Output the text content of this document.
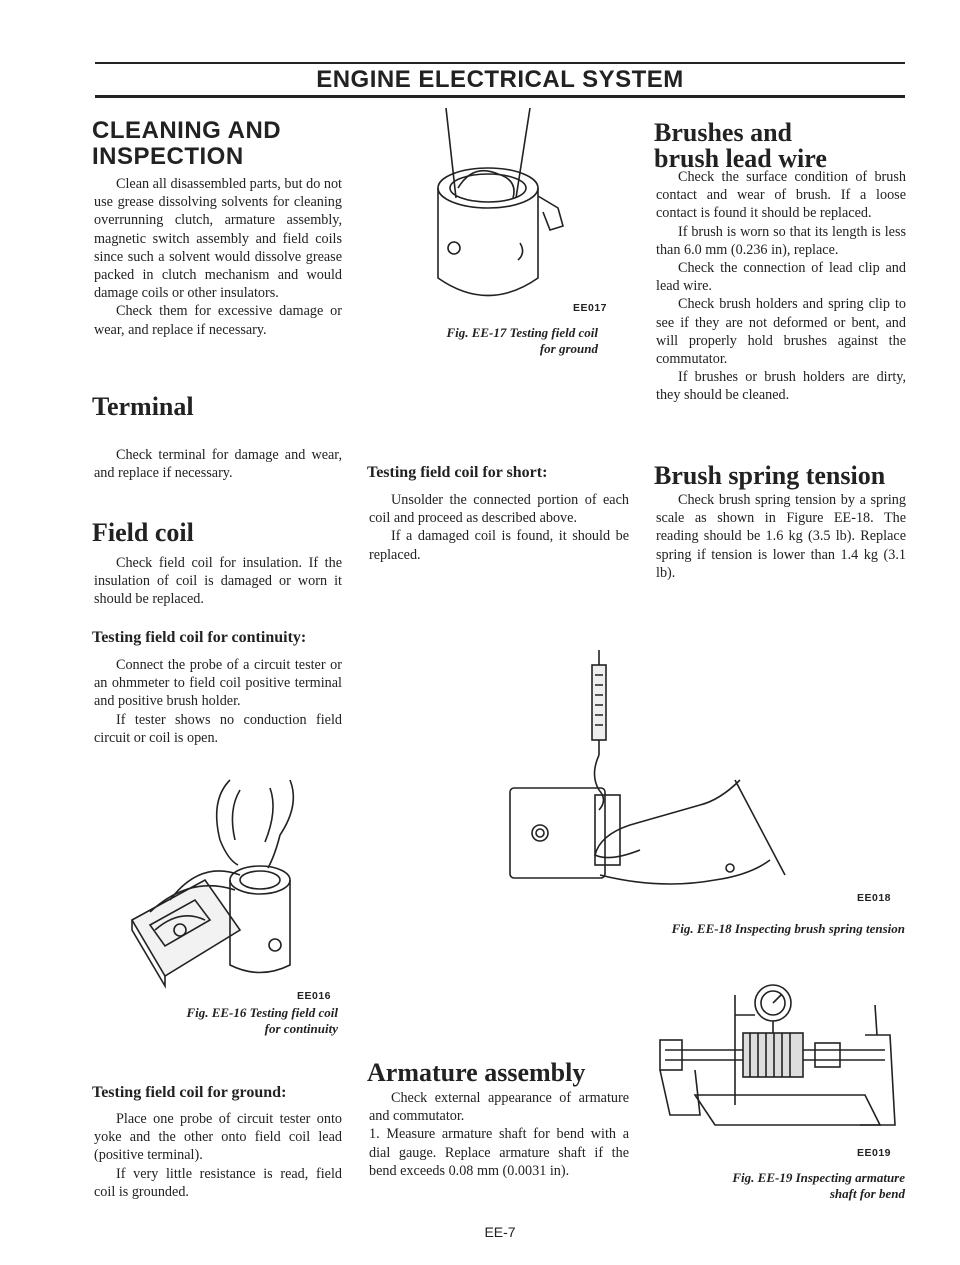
ENGINE ELECTRICAL SYSTEM
CLEANING AND
INSPECTION

Clean all disassembled parts, but do not use grease dissolving solvents for cleaning overrunning clutch, armature assembly, magnetic switch assembly and field coils since such a solvent would dissolve grease packed in clutch mechanism and would damage coils or other insulators.

Check them for excessive damage or wear, and replace if necessary.

Terminal

Check terminal for damage and wear, and replace if necessary.

Field coil

Check field coil for insulation. If the insulation of coil is damaged or worn it should be replaced.

Testing field coil for continuity:

Connect the probe of a circuit tester or an ohmmeter to field coil positive terminal and positive brush holder.

If tester shows no conduction field circuit or coil is open.

EE016
Fig. EE-16 Testing field coil
for continuity
Testing field coil for ground:

Place one probe of circuit tester onto yoke and the other onto field coil lead (positive terminal).

If very little resistance is read, field coil is grounded.

EE017
Fig. EE-17 Testing field coil
for ground
Testing field coil for short:

Unsolder the connected portion of each coil and proceed as described above.

If a damaged coil is found, it should be replaced.

EE018
Fig. EE-18 Inspecting brush spring tension
Armature assembly

Check external appearance of armature and commutator.

1. Measure armature shaft for bend with a dial gauge. Replace armature shaft if the bend exceeds 0.08 mm (0.0031 in).

EE-7
Brushes and
brush lead wire

Check the surface condition of brush contact and wear of brush. If a loose contact is found it should be replaced.

If brush is worn so that its length is less than 6.0 mm (0.236 in), replace.

Check the connection of lead clip and lead wire.

Check brush holders and spring clip to see if they are not deformed or bent, and will properly hold brushes against the commutator.

If brushes or brush holders are dirty, they should be cleaned.

Brush spring tension

Check brush spring tension by a spring scale as shown in Figure EE-18. The reading should be 1.6 kg (3.5 lb). Replace spring if tension is lower than 1.4 kg (3.1 lb).

EE019
Fig. EE-19 Inspecting armature
shaft for bend
